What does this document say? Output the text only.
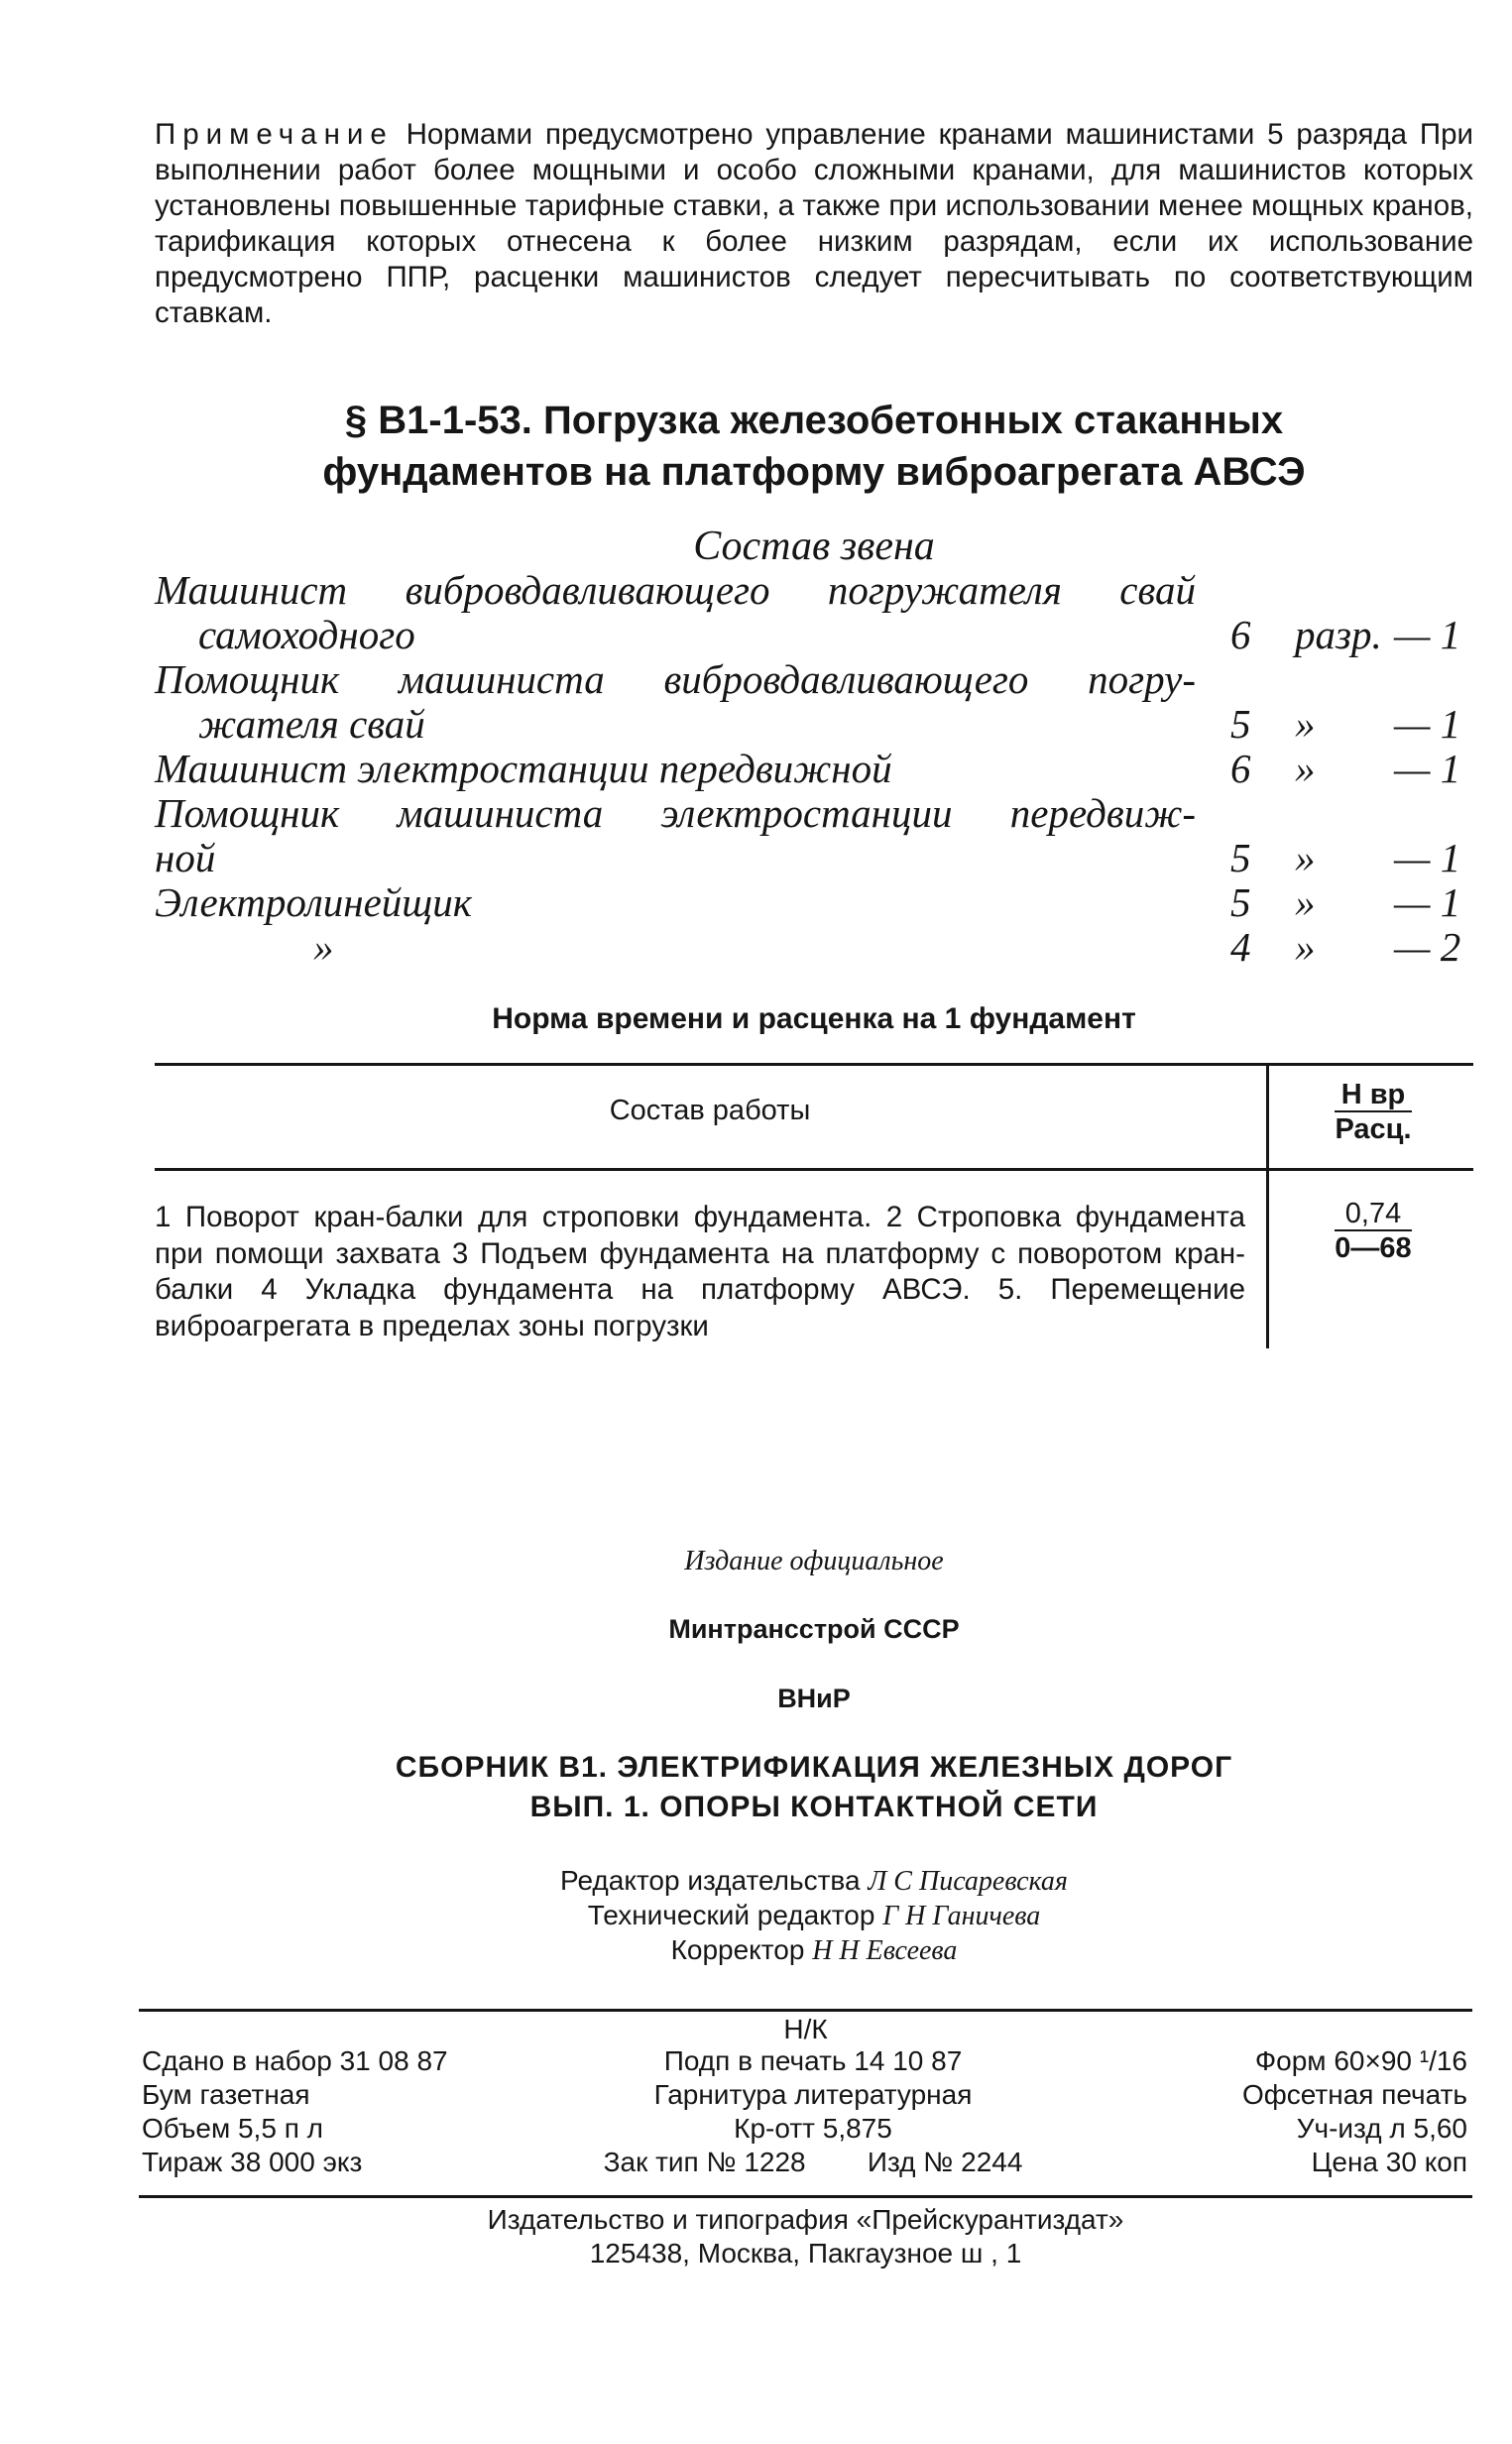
Примечание Нормами предусмотрено управление кранами машинистами 5 разряда При выполнении работ более мощными и особо сложными кранами, для машинистов которых установлены повышенные тарифные ставки, а также при использовании менее мощных кранов, тарификация которых отнесена к более низким разрядам, если их использование предусмотрено ППР, расценки машинистов следует пересчитывать по соответствующим ставкам.
§ В1-1-53. Погрузка железобетонных стаканных
фундаментов на платформу виброагрегата АВСЭ
Состав звена
Машинист вибровдавливающего погружателя свай
самоходного	6	разр. — 1
Помощник машиниста вибровдавливающего погру-
жателя свай	5	»	— 1
Машинист электростанции передвижной	6	»	— 1
Помощник машиниста электростанции передвиж-
ной	5	»	— 1
Электролинейщик	5	»	— 1
»	4	»	— 2
Норма времени и расценка на 1 фундамент
Состав работы	$\frac{\text{Н вр}}{\text{Расц.}}$
1 Поворот кран-балки для строповки фундамента. 2 Строповка фундамента при помощи захвата 3 Подъем фундамента на платформу с поворотом кран-балки 4 Укладка фундамента на платформу АВСЭ. 5. Перемещение виброагрегата в пределах зоны погрузки
$\frac{0,74}{0—68}$
Издание официальное
Минтрансстрой СССР
ВНиР
СБОРНИК В1. ЭЛЕКТРИФИКАЦИЯ ЖЕЛЕЗНЫХ ДОРОГ
ВЫП. 1. ОПОРЫ КОНТАКТНОЙ СЕТИ
Редактор издательства Л С Писаревская
Технический редактор Г Н Ганичева
Корректор Н Н Евсеева
Н/К
Сдано в набор 31 08 87
Бум газетная
Объем 5,5 п л
Тираж 38 000 экз
Подп в печать 14 10 87
Гарнитура литературная
Кр-отт 5,875
Зак тип № 1228        Изд № 2244
Форм 60×90 ¹/16
Офсетная печать
Уч-изд л 5,60
Цена 30 коп
Издательство и типография «Прейскурантиздат»
125438, Москва, Пакгаузное ш , 1
